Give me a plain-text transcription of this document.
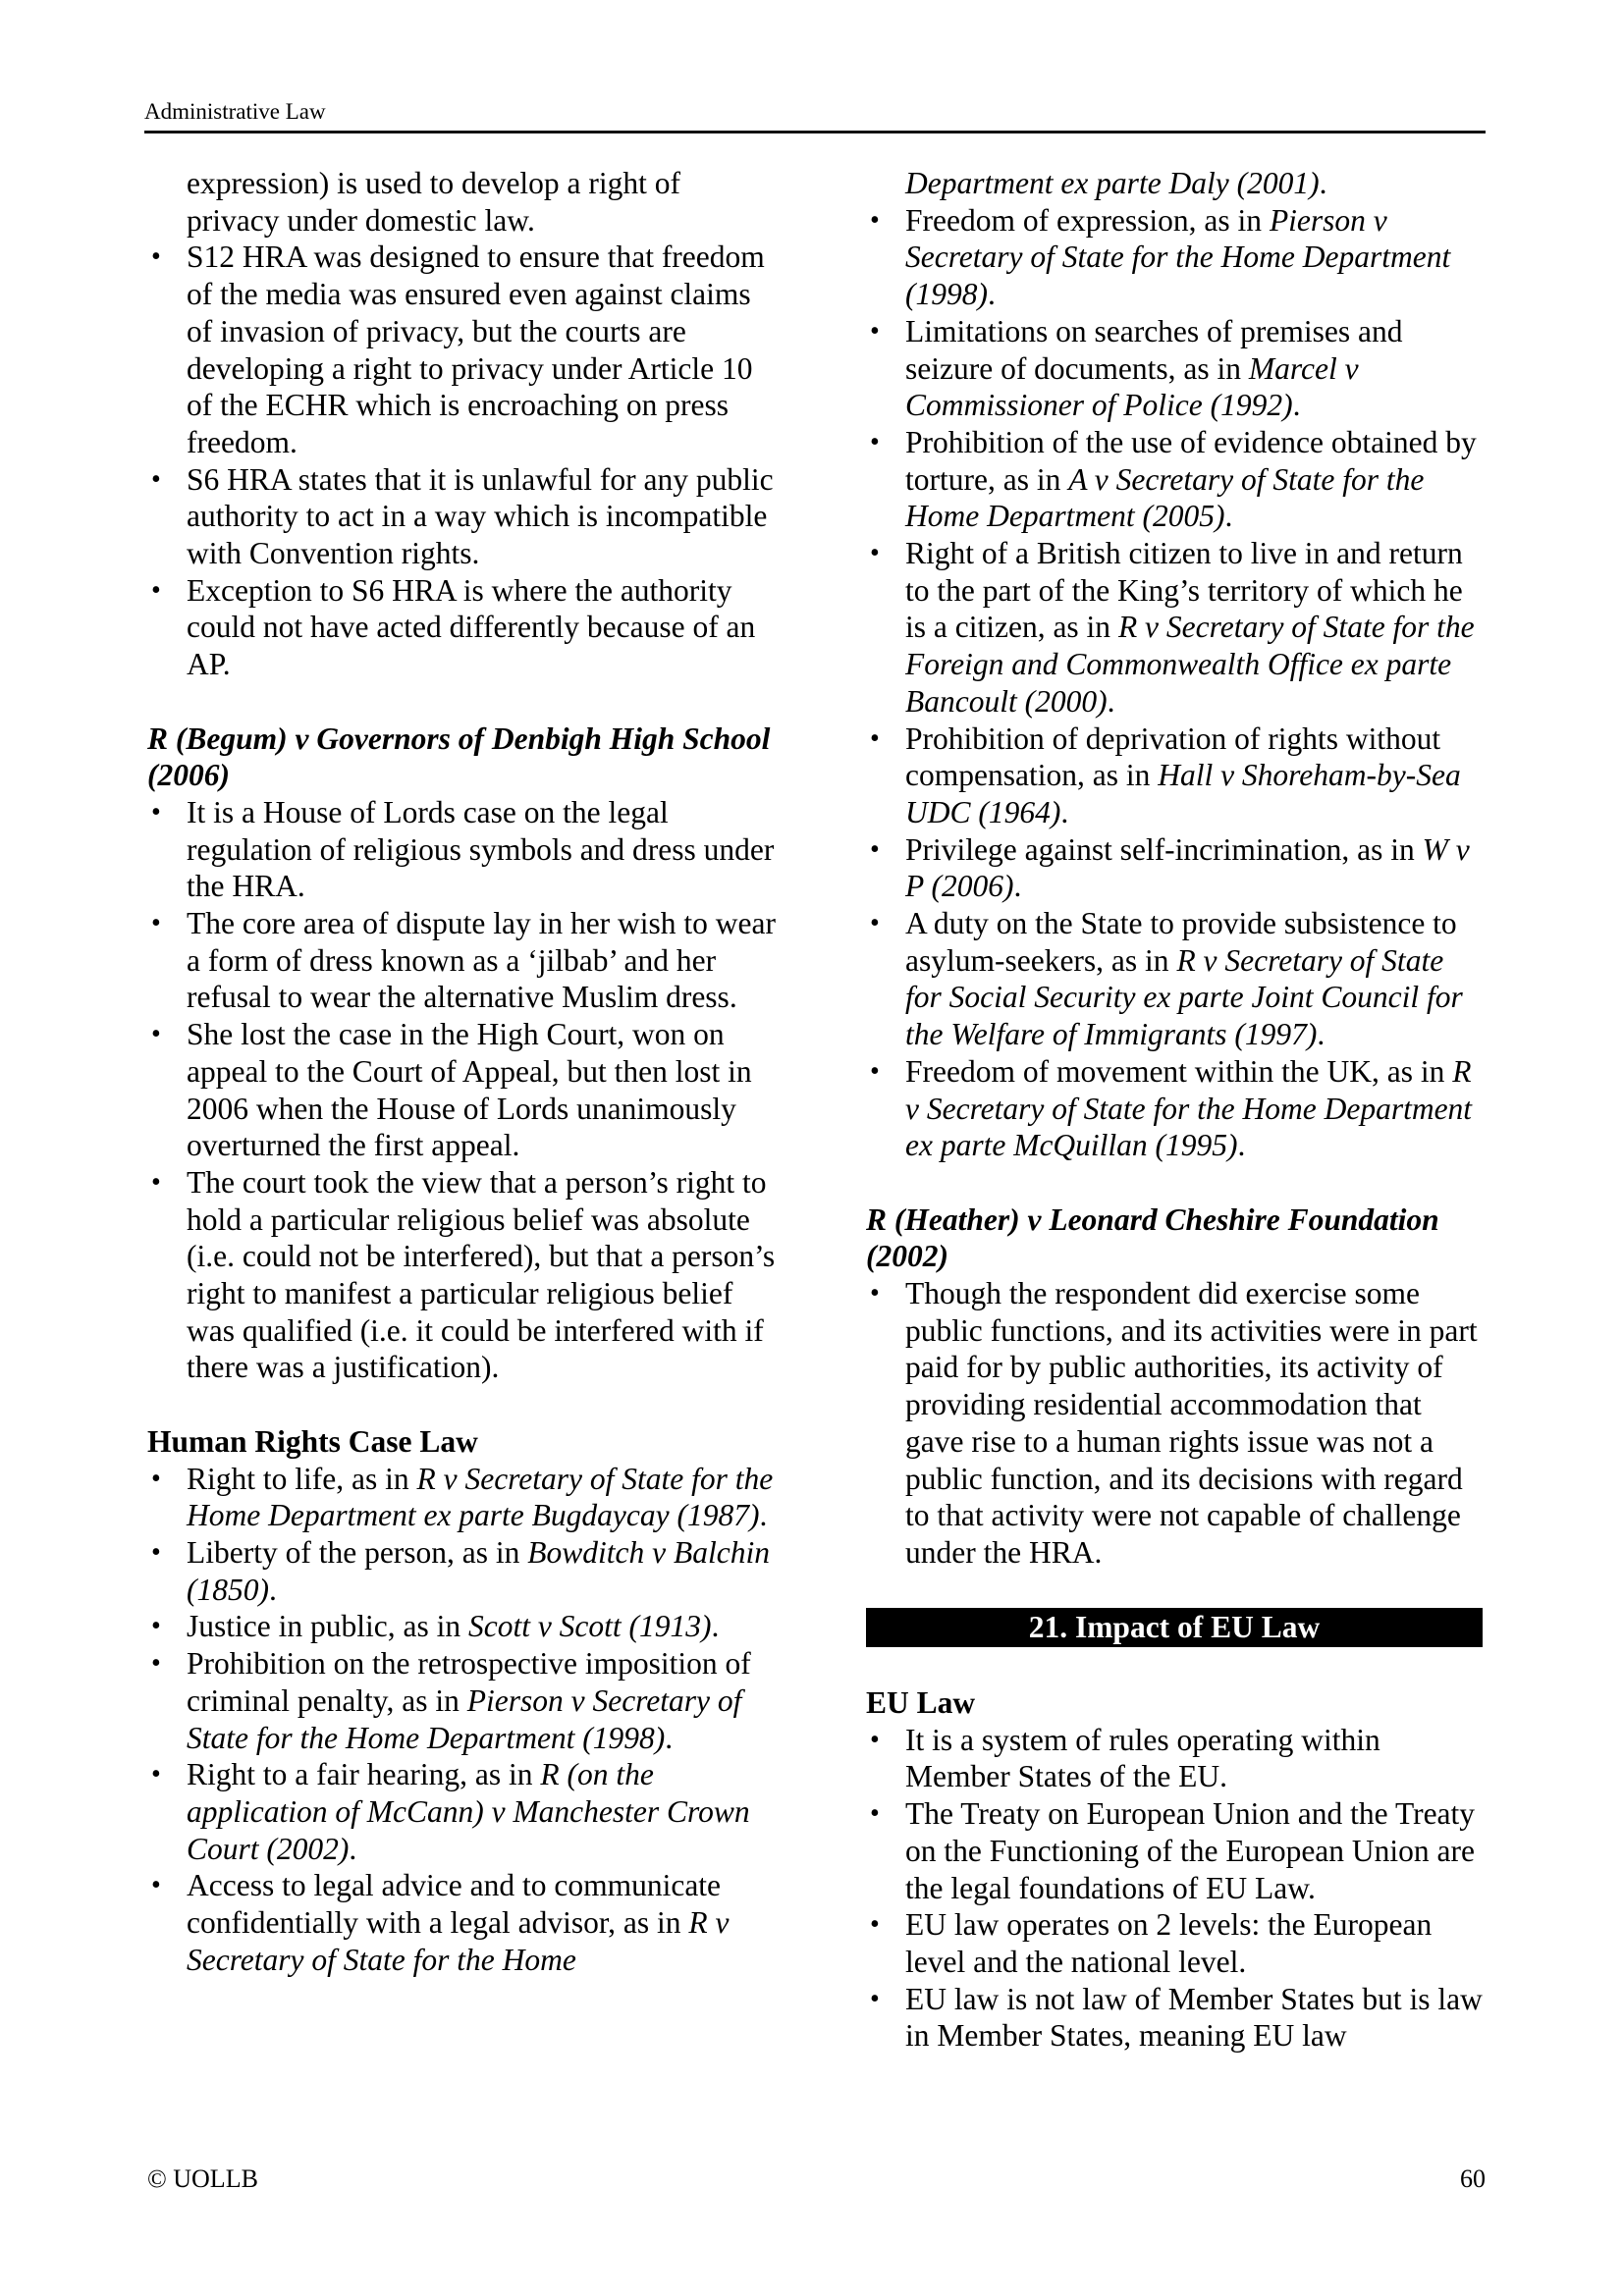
Administrative Law
expression) is used to develop a right of privacy under domestic law.
• S12 HRA was designed to ensure that freedom of the media was ensured even against claims of invasion of privacy, but the courts are developing a right to privacy under Article 10 of the ECHR which is encroaching on press freedom.
• S6 HRA states that it is unlawful for any public authority to act in a way which is incompatible with Convention rights.
• Exception to S6 HRA is where the authority could not have acted differently because of an AP.
R (Begum) v Governors of Denbigh High School (2006)
• It is a House of Lords case on the legal regulation of religious symbols and dress under the HRA.
• The core area of dispute lay in her wish to wear a form of dress known as a ‘jilbab’ and her refusal to wear the alternative Muslim dress.
• She lost the case in the High Court, won on appeal to the Court of Appeal, but then lost in 2006 when the House of Lords unanimously overturned the first appeal.
• The court took the view that a person’s right to hold a particular religious belief was absolute (i.e. could not be interfered), but that a person’s right to manifest a particular religious belief was qualified (i.e. it could be interfered with if there was a justification).
Human Rights Case Law
• Right to life, as in R v Secretary of State for the Home Department ex parte Bugdaycay (1987).
• Liberty of the person, as in Bowditch v Balchin (1850).
• Justice in public, as in Scott v Scott (1913).
• Prohibition on the retrospective imposition of criminal penalty, as in Pierson v Secretary of State for the Home Department (1998).
• Right to a fair hearing, as in R (on the application of McCann) v Manchester Crown Court (2002).
• Access to legal advice and to communicate confidentially with a legal advisor, as in R v Secretary of State for the Home
Department ex parte Daly (2001).
• Freedom of expression, as in Pierson v Secretary of State for the Home Department (1998).
• Limitations on searches of premises and seizure of documents, as in Marcel v Commissioner of Police (1992).
• Prohibition of the use of evidence obtained by torture, as in A v Secretary of State for the Home Department (2005).
• Right of a British citizen to live in and return to the part of the King’s territory of which he is a citizen, as in R v Secretary of State for the Foreign and Commonwealth Office ex parte Bancoult (2000).
• Prohibition of deprivation of rights without compensation, as in Hall v Shoreham-by-Sea UDC (1964).
• Privilege against self-incrimination, as in W v P (2006).
• A duty on the State to provide subsistence to asylum-seekers, as in R v Secretary of State for Social Security ex parte Joint Council for the Welfare of Immigrants (1997).
• Freedom of movement within the UK, as in R v Secretary of State for the Home Department ex parte McQuillan (1995).
R (Heather) v Leonard Cheshire Foundation (2002)
• Though the respondent did exercise some public functions, and its activities were in part paid for by public authorities, its activity of providing residential accommodation that gave rise to a human rights issue was not a public function, and its decisions with regard to that activity were not capable of challenge under the HRA.
21. Impact of EU Law
EU Law
• It is a system of rules operating within Member States of the EU.
• The Treaty on European Union and the Treaty on the Functioning of the European Union are the legal foundations of EU Law.
• EU law operates on 2 levels: the European level and the national level.
• EU law is not law of Member States but is law in Member States, meaning EU law
© UOLLB	60
